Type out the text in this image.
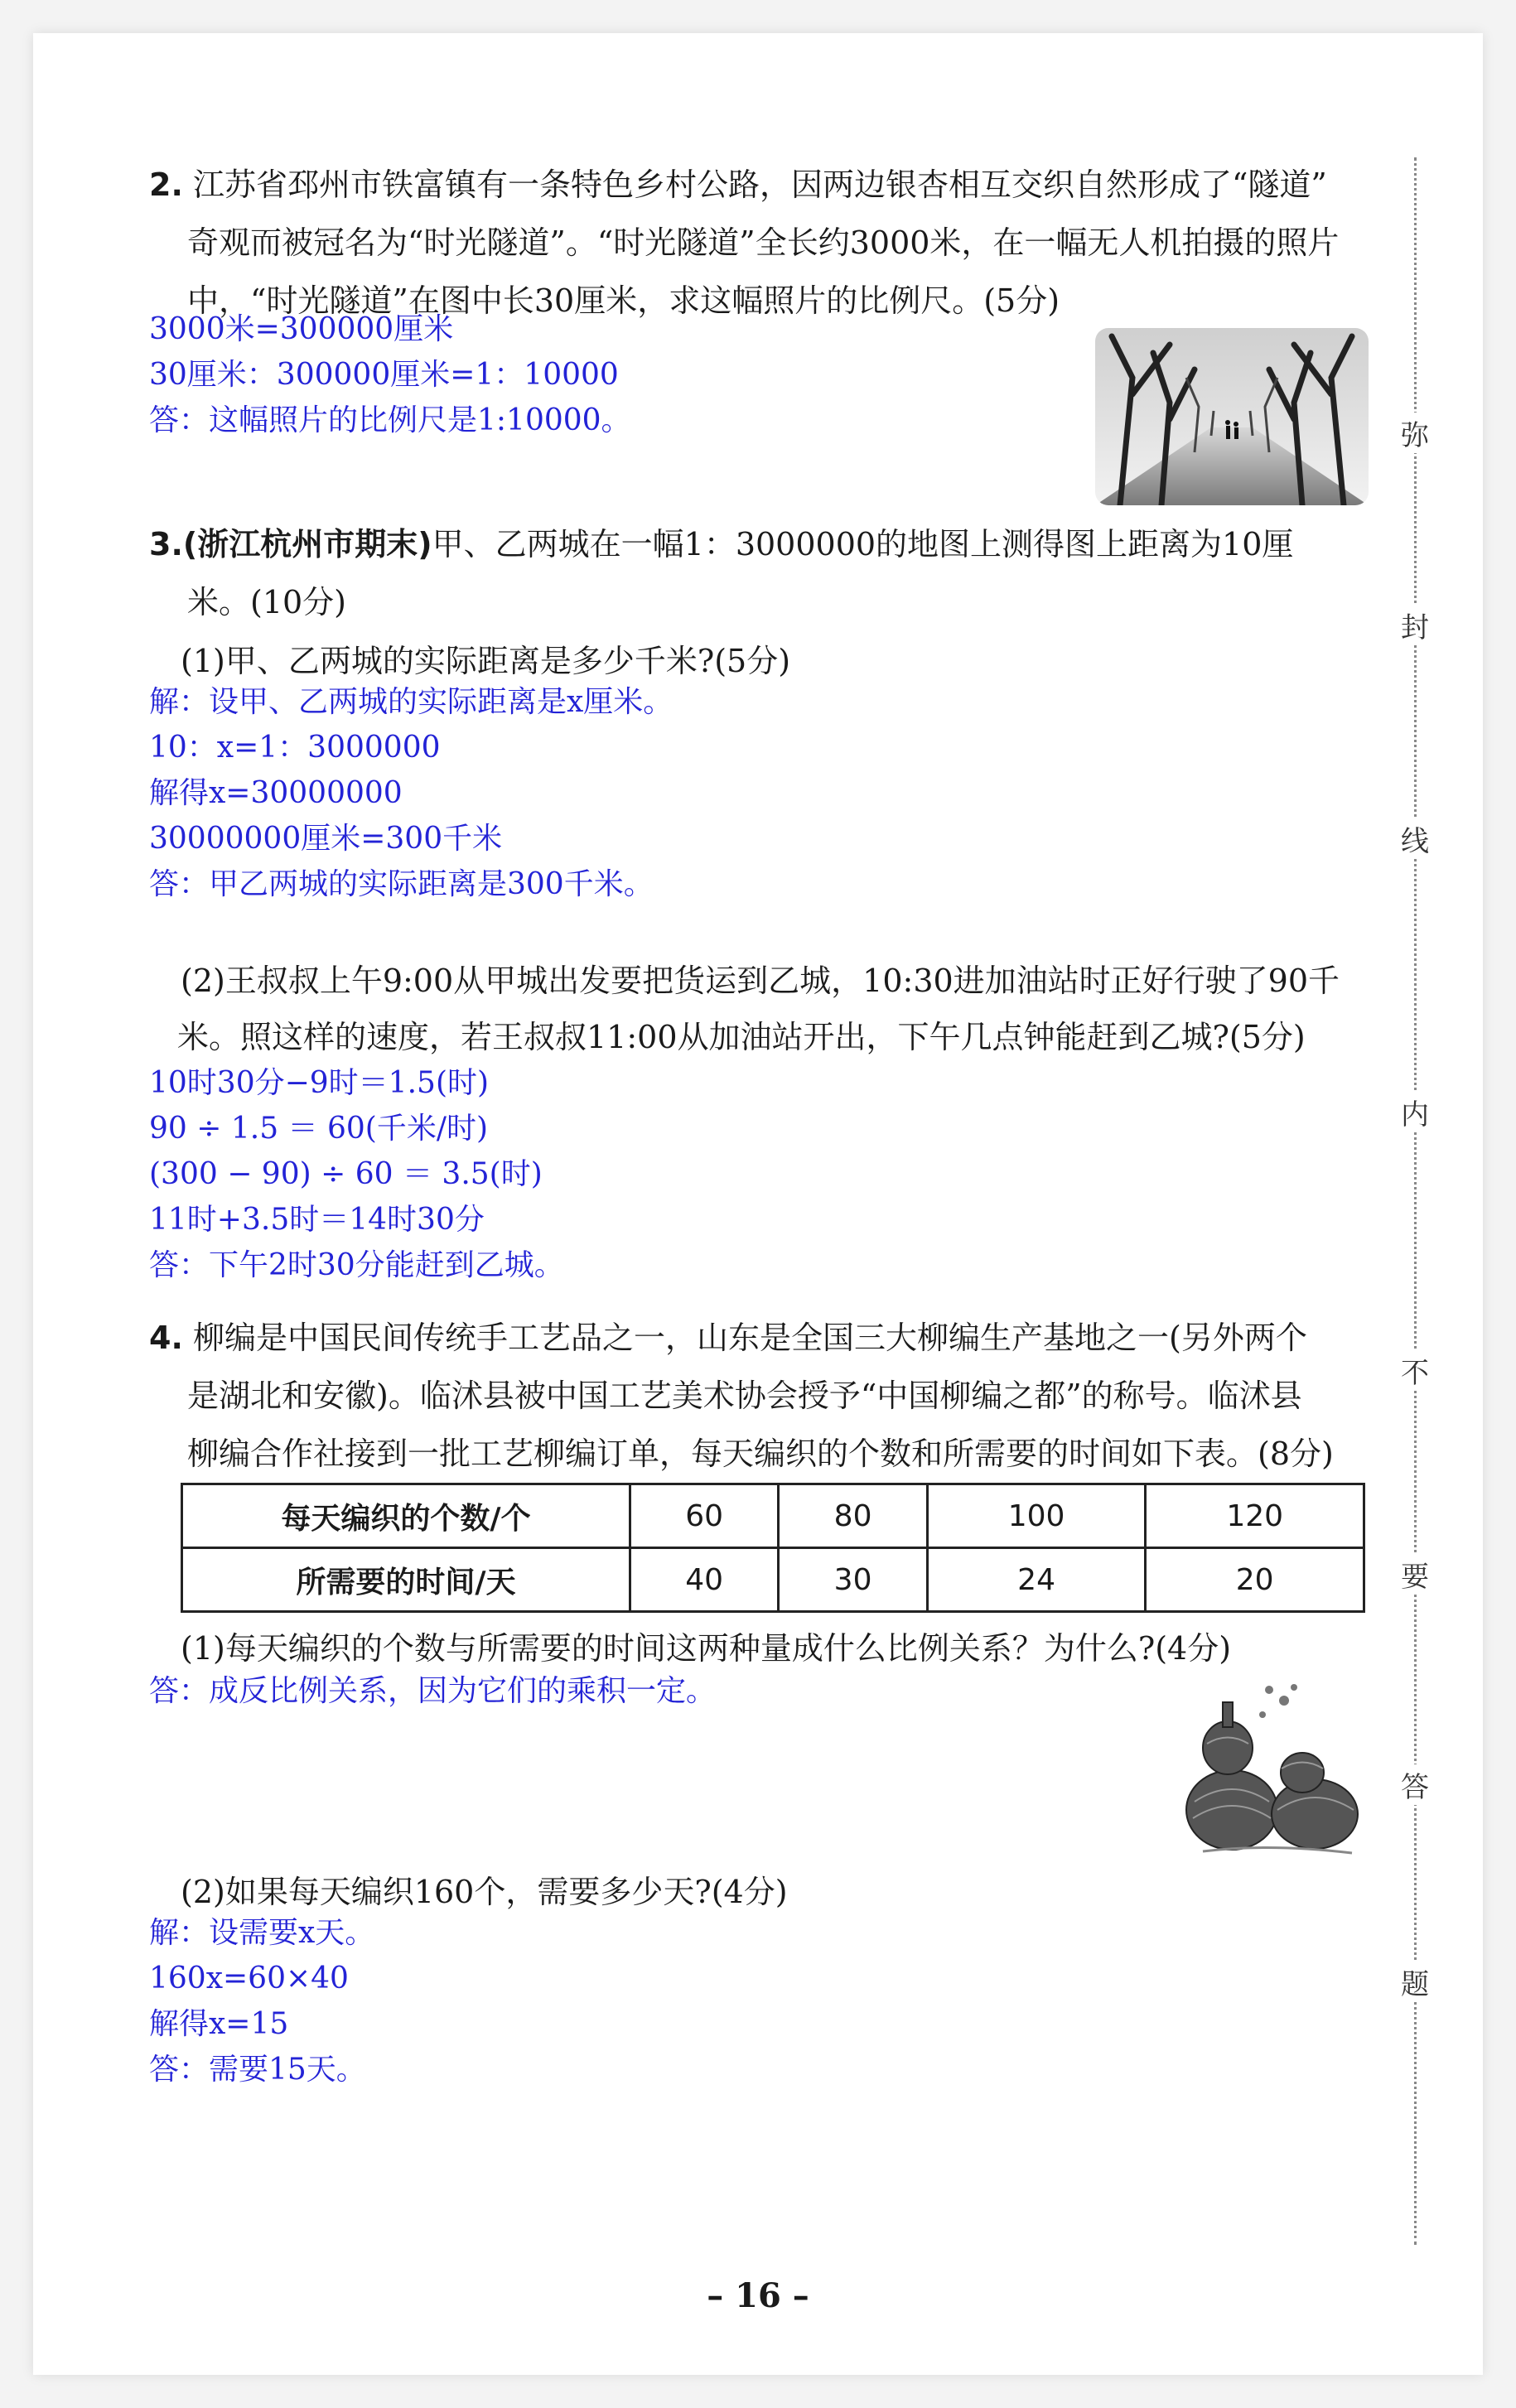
2. 江苏省邳州市铁富镇有一条特色乡村公路，因两边银杏相互交织自然形成了“隧道”
奇观而被冠名为“时光隧道”。“时光隧道”全长约3000米，在一幅无人机拍摄的照片
中，“时光隧道”在图中长30厘米，求这幅照片的比例尺。(5分)
3000米=300000厘米
30厘米：300000厘米=1：10000
答：这幅照片的比例尺是1:10000。
3.(浙江杭州市期末)甲、乙两城在一幅1：3000000的地图上测得图上距离为10厘
米。(10分)
(1)甲、乙两城的实际距离是多少千米?(5分)
解：设甲、乙两城的实际距离是x厘米。
10：x=1：3000000
解得x=30000000
30000000厘米=300千米
答：甲乙两城的实际距离是300千米。
(2)王叔叔上午9:00从甲城出发要把货运到乙城，10:30进加油站时正好行驶了90千
米。照这样的速度，若王叔叔11:00从加油站开出，下午几点钟能赶到乙城?(5分)
10时30分−9时＝1.5(时)
90 ÷ 1.5 ＝ 60(千米/时)
(300 − 90) ÷ 60 ＝ 3.5(时)
11时+3.5时＝14时30分
答：下午2时30分能赶到乙城。
4. 柳编是中国民间传统手工艺品之一，山东是全国三大柳编生产基地之一(另外两个
是湖北和安徽)。临沭县被中国工艺美术协会授予“中国柳编之都”的称号。临沭县
柳编合作社接到一批工艺柳编订单，每天编织的个数和所需要的时间如下表。(8分)
每天编织的个数/个	60	80	100	120
所需要的时间/天	40	30	24	20
(1)每天编织的个数与所需要的时间这两种量成什么比例关系？为什么?(4分)
答：成反比例关系，因为它们的乘积一定。
(2)如果每天编织160个，需要多少天?(4分)
解：设需要x天。
160x=60×40
解得x=15
答：需要15天。
弥
封
线
内
不
要
答
题
– 16 –
